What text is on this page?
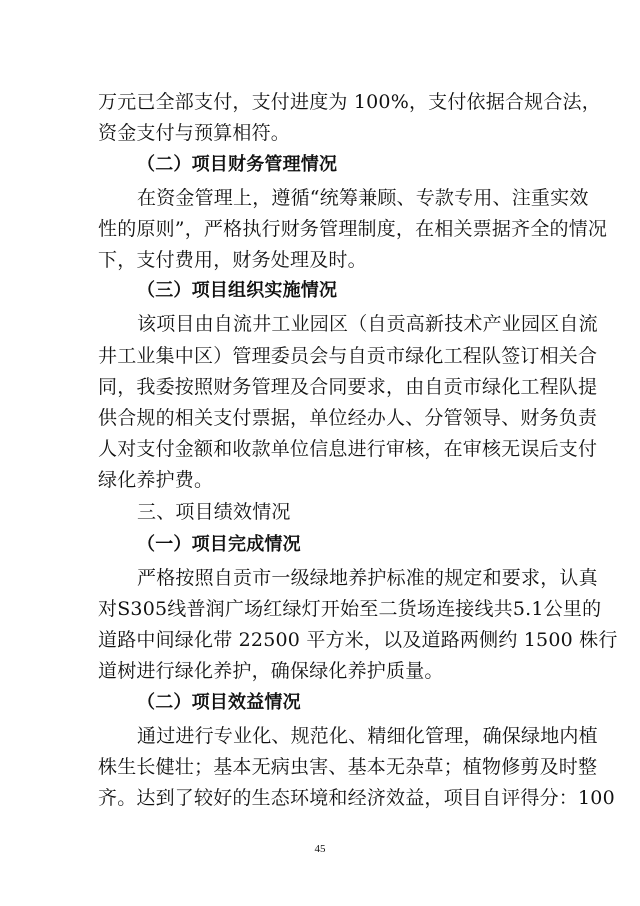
万元已全部支付，支付进度为 100%，支付依据合规合法，
资金支付与预算相符。
（二）项目财务管理情况
在资金管理上，遵循“统筹兼顾、专款专用、注重实效
性的原则”，严格执行财务管理制度，在相关票据齐全的情况
下，支付费用，财务处理及时。
（三）项目组织实施情况
该项目由自流井工业园区（自贡高新技术产业园区自流
井工业集中区）管理委员会与自贡市绿化工程队签订相关合
同，我委按照财务管理及合同要求，由自贡市绿化工程队提
供合规的相关支付票据，单位经办人、分管领导、财务负责
人对支付金额和收款单位信息进行审核，在审核无误后支付
绿化养护费。
三、项目绩效情况
（一）项目完成情况
严格按照自贡市一级绿地养护标准的规定和要求，认真
对S305线普润广场红绿灯开始至二货场连接线共5.1公里的
道路中间绿化带 22500 平方米，以及道路两侧约 1500 株行
道树进行绿化养护，确保绿化养护质量。
（二）项目效益情况
通过进行专业化、规范化、精细化管理，确保绿地内植
株生长健壮；基本无病虫害、基本无杂草；植物修剪及时整
齐。达到了较好的生态环境和经济效益，项目自评得分：100
45
